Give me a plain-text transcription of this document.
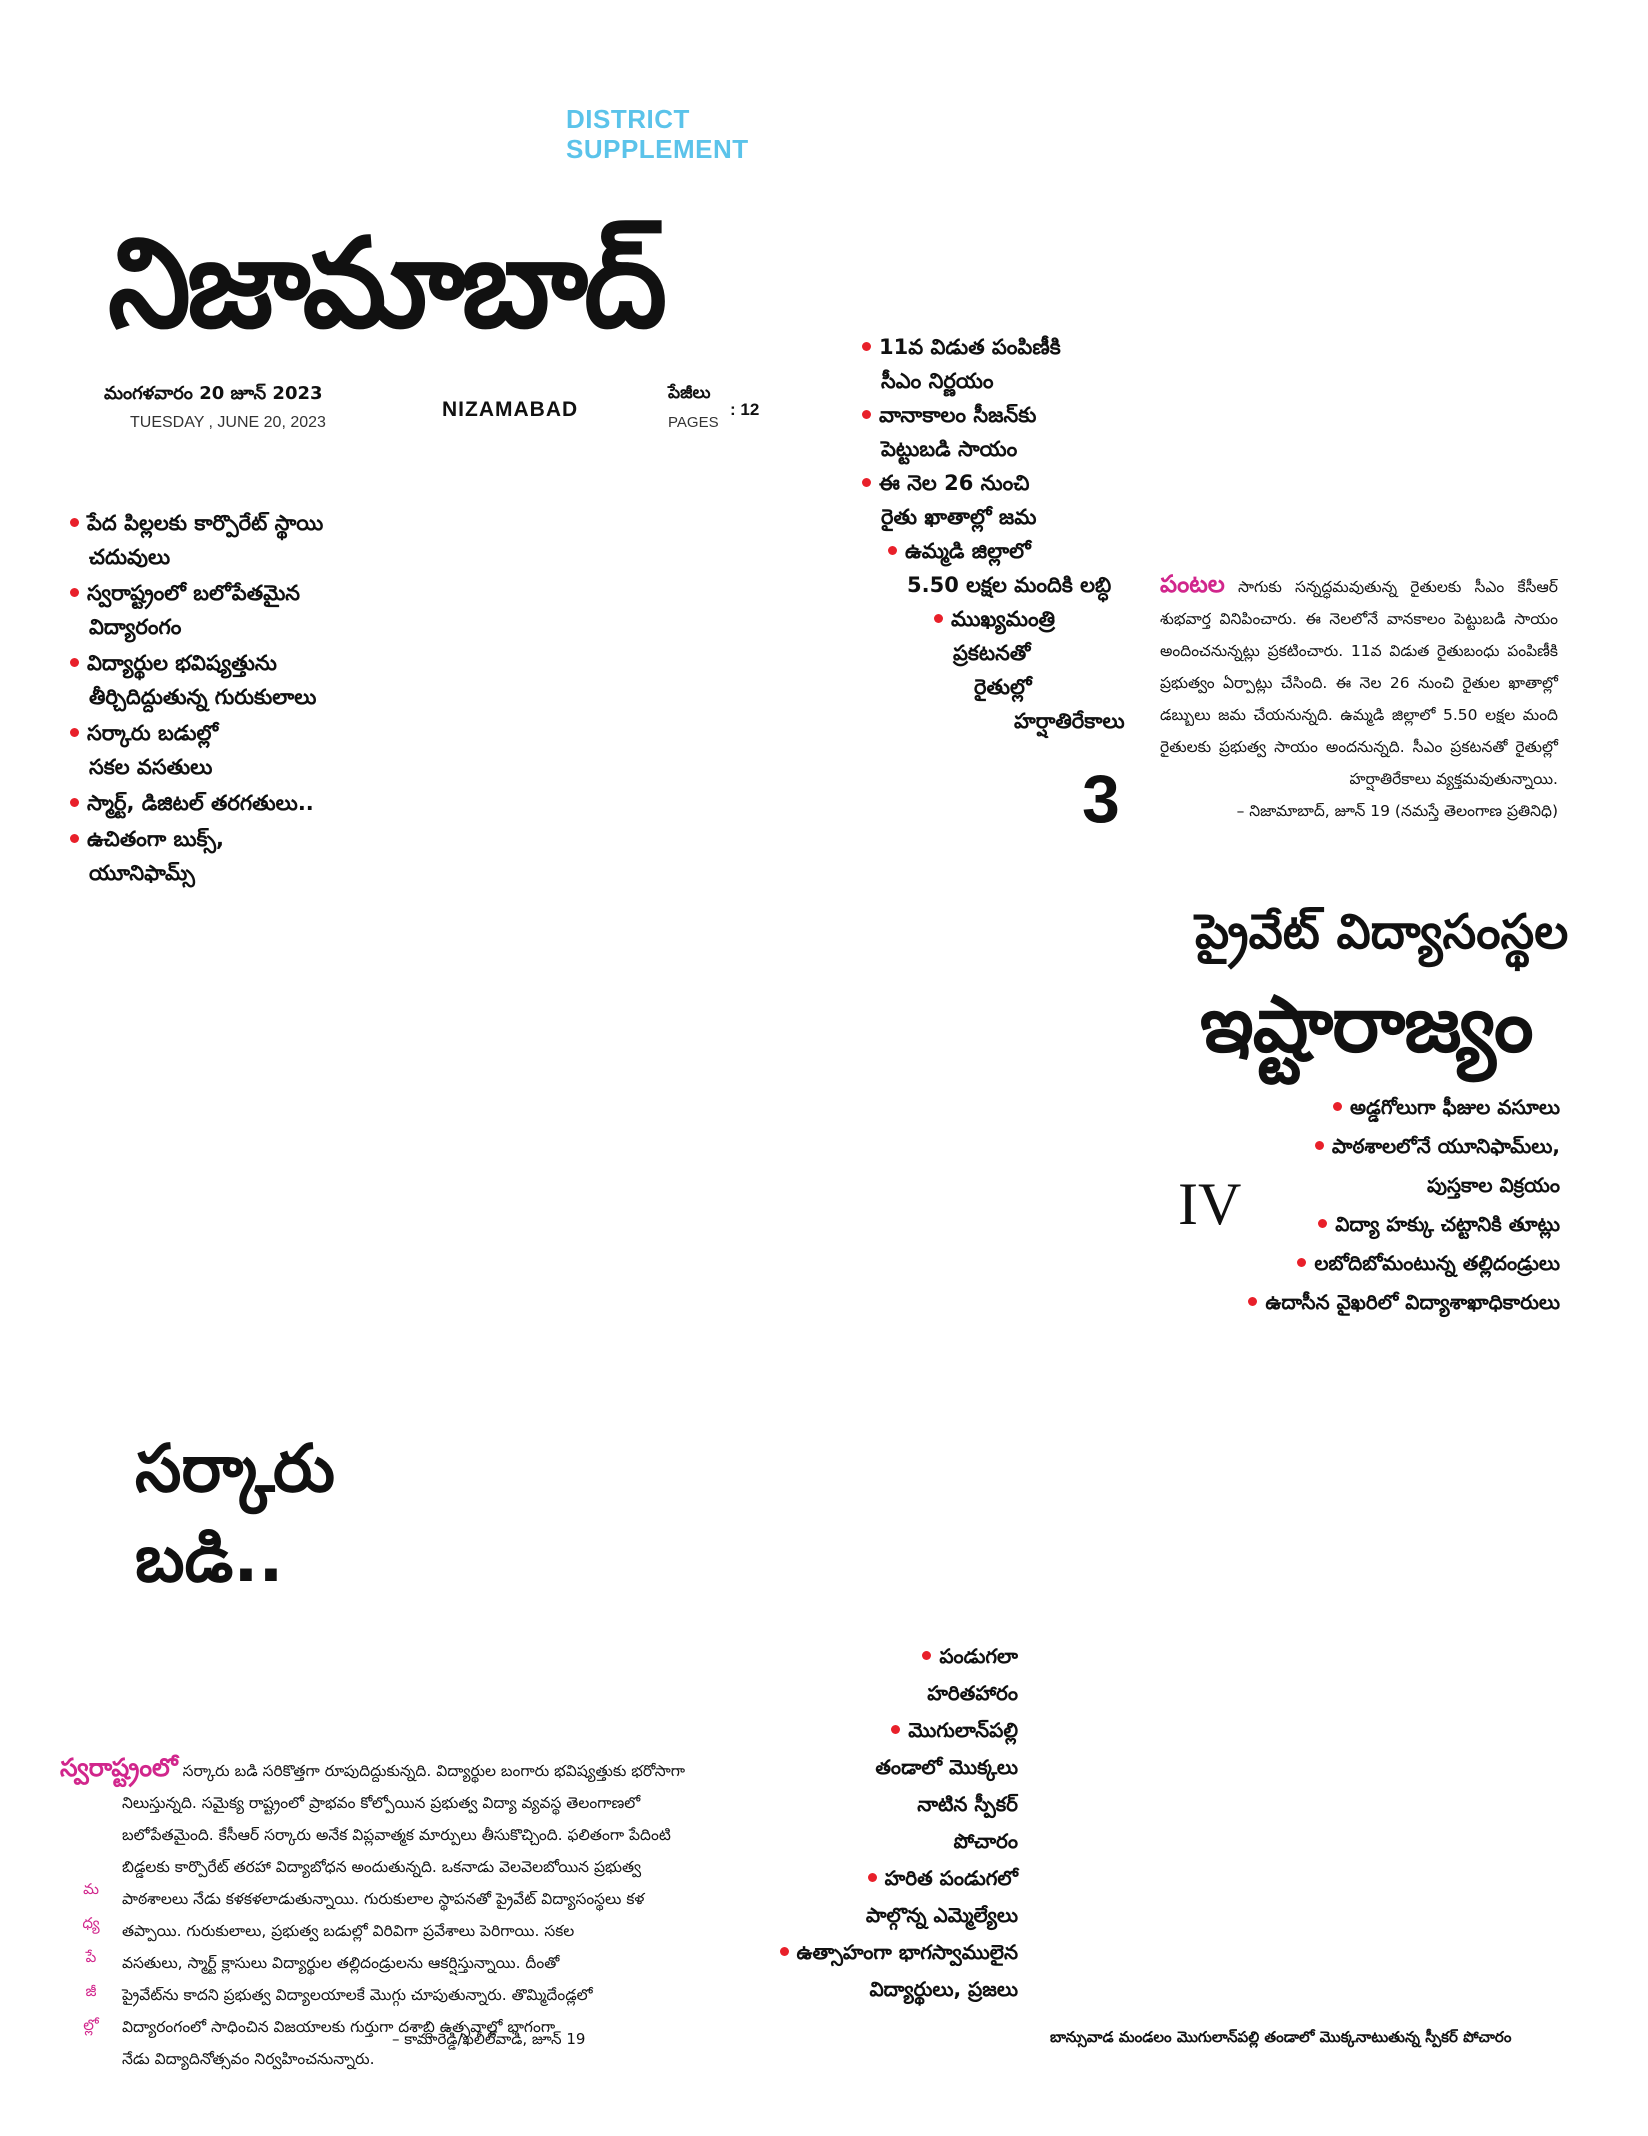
DISTRICT
SUPPLEMENT
నిజామాబాద్
మంగళవారం 20 జూన్ 2023
TUESDAY , JUNE 20, 2023
NIZAMABAD
పేజీలు
PAGES
: 12
పేద పిల్లలకు కార్పొరేట్ స్థాయి
చదువులు
స్వరాష్ట్రంలో బలోపేతమైన
విద్యారంగం
విద్యార్థుల భవిష్యత్తును
తీర్చిదిద్దుతున్న గురుకులాలు
సర్కారు బడుల్లో
సకల వసతులు
స్మార్ట్, డిజిటల్ తరగతులు..
ఉచితంగా బుక్స్,
యూనిఫామ్స్
11వ విడుత పంపిణీకి
సీఎం నిర్ణయం
వానాకాలం సీజన్‌కు
పెట్టుబడి సాయం
ఈ నెల 26 నుంచి
రైతు ఖాతాల్లో జమ
ఉమ్మడి జిల్లాలో
5.50 లక్షల మందికి లబ్ధి
ముఖ్యమంత్రి
ప్రకటనతో
రైతుల్లో
హర్షాతిరేకాలు
3
పంటల సాగుకు సన్నద్ధమవుతున్న రైతులకు సీఎం కేసీఆర్ శుభవార్త వినిపించారు. ఈ నెలలోనే వానకాలం పెట్టుబడి సాయం అందించనున్నట్లు ప్రకటించారు. 11వ విడుత రైతుబంధు పంపిణీకి ప్రభుత్వం ఏర్పాట్లు చేసింది. ఈ నెల 26 నుంచి రైతుల ఖాతాల్లో డబ్బులు జమ చేయనున్నది. ఉమ్మడి జిల్లాలో 5.50 లక్షల మంది రైతులకు ప్రభుత్వ సాయం అందనున్నది. సీఎం ప్రకటనతో రైతుల్లో హర్షాతిరేకాలు వ్యక్తమవుతున్నాయి.
– నిజామాబాద్, జూన్ 19 (నమస్తే తెలంగాణ ప్రతినిధి)
ప్రైవేట్ విద్యాసంస్థల
ఇష్టారాజ్యం
IV
అడ్డగోలుగా ఫీజుల వసూలు
పాఠశాలలోనే యూనిఫామ్‌లు,
పుస్తకాల విక్రయం
విద్యా హక్కు చట్టానికి తూట్లు
లబోదిబోమంటున్న తల్లిదండ్రులు
ఉదాసీన వైఖరిలో విద్యాశాఖాధికారులు
సర్కారు
బడి..
స్వరాష్ట్రంలో సర్కారు బడి సరికొత్తగా రూపుదిద్దుకున్నది. విద్యార్థుల బంగారు భవిష్యత్తుకు భరోసాగా
నిలుస్తున్నది. సమైక్య రాష్ట్రంలో ప్రాభవం కోల్పోయిన ప్రభుత్వ విద్యా వ్యవస్థ తెలంగాణలో
బలోపేతమైంది. కేసీఆర్ సర్కారు అనేక విప్లవాత్మక మార్పులు తీసుకొచ్చింది. ఫలితంగా పేదింటి
బిడ్డలకు కార్పొరేట్ తరహా విద్యాబోధన అందుతున్నది. ఒకనాడు వెలవెలబోయిన ప్రభుత్వ
పాఠశాలలు నేడు కళకళలాడుతున్నాయి. గురుకులాల స్థాపనతో ప్రైవేట్ విద్యాసంస్థలు కళ
తప్పాయి. గురుకులాలు, ప్రభుత్వ బడుల్లో విరివిగా ప్రవేశాలు పెరిగాయి. సకల
వసతులు, స్మార్ట్ క్లాసులు విద్యార్థుల తల్లిదండ్రులను ఆకర్షిస్తున్నాయి. దీంతో
ప్రైవేట్‌ను కాదని ప్రభుత్వ విద్యాలయాలకే మొగ్గు చూపుతున్నారు. తొమ్మిదేండ్లలో
విద్యారంగంలో సాధించిన విజయాలకు గుర్తుగా దశాబ్ది ఉత్సవాల్లో భాగంగా
నేడు విద్యాదినోత్సవం నిర్వహించనున్నారు.
మ
ధ్య
పే
జీ
ల్లో
– కామారెడ్డి/ఖలీల్‌వాడి, జూన్ 19
పండుగలా
హరితహారం
మొగులాన్‌పల్లి
తండాలో మొక్కలు
నాటిన స్పీకర్
పోచారం
హరిత పండుగలో
పాల్గొన్న ఎమ్మెల్యేలు
ఉత్సాహంగా భాగస్వాములైన
విద్యార్థులు, ప్రజలు
బాన్సువాడ మండలం మొగులాన్‌పల్లి తండాలో మొక్కనాటుతున్న స్పీకర్ పోచారం
